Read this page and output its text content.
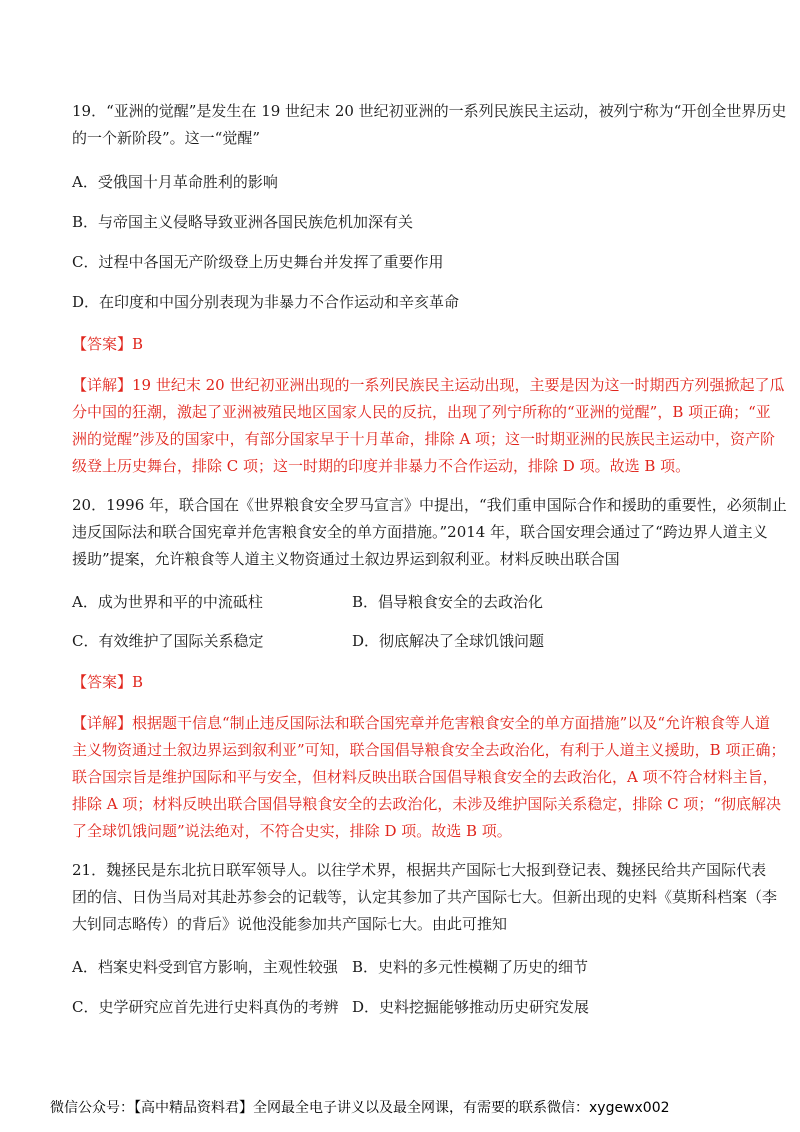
19．“亚洲的觉醒”是发生在 19 世纪末 20 世纪初亚洲的一系列民族民主运动，被列宁称为“开创全世界历史
的一个新阶段”。这一“觉醒”
A．受俄国十月革命胜利的影响
B．与帝国主义侵略导致亚洲各国民族危机加深有关
C．过程中各国无产阶级登上历史舞台并发挥了重要作用
D．在印度和中国分别表现为非暴力不合作运动和辛亥革命
【答案】B
【详解】19 世纪末 20 世纪初亚洲出现的一系列民族民主运动出现，主要是因为这一时期西方列强掀起了瓜
分中国的狂潮，激起了亚洲被殖民地区国家人民的反抗，出现了列宁所称的“亚洲的觉醒”，B 项正确；“亚
洲的觉醒”涉及的国家中，有部分国家早于十月革命，排除 A 项；这一时期亚洲的民族民主运动中，资产阶
级登上历史舞台，排除 C 项；这一时期的印度并非暴力不合作运动，排除 D 项。故选 B 项。
20．1996 年，联合国在《世界粮食安全罗马宣言》中提出，“我们重申国际合作和援助的重要性，必须制止
违反国际法和联合国宪章并危害粮食安全的单方面措施。”2014 年，联合国安理会通过了“跨边界人道主义
援助”提案，允许粮食等人道主义物资通过土叙边界运到叙利亚。材料反映出联合国
A．成为世界和平的中流砥柱	B．倡导粮食安全的去政治化
C．有效维护了国际关系稳定	D．彻底解决了全球饥饿问题
【答案】B
【详解】根据题干信息“制止违反国际法和联合国宪章并危害粮食安全的单方面措施”以及“允许粮食等人道
主义物资通过土叙边界运到叙利亚”可知，联合国倡导粮食安全去政治化，有利于人道主义援助，B 项正确；
联合国宗旨是维护国际和平与安全，但材料反映出联合国倡导粮食安全的去政治化，A 项不符合材料主旨，
排除 A 项；材料反映出联合国倡导粮食安全的去政治化，未涉及维护国际关系稳定，排除 C 项；“彻底解决
了全球饥饿问题”说法绝对，不符合史实，排除 D 项。故选 B 项。
21．魏拯民是东北抗日联军领导人。以往学术界，根据共产国际七大报到登记表、魏拯民给共产国际代表
团的信、日伪当局对其赴苏参会的记载等，认定其参加了共产国际七大。但新出现的史料《莫斯科档案（李
大钊同志略传）的背后》说他没能参加共产国际七大。由此可推知
A．档案史料受到官方影响，主观性较强 B．史料的多元性模糊了历史的细节
C．史学研究应首先进行史料真伪的考辨 D．史料挖掘能够推动历史研究发展
微信公众号：【高中精品资料君】全网最全电子讲义以及最全网课，有需要的联系微信：xygewx002
